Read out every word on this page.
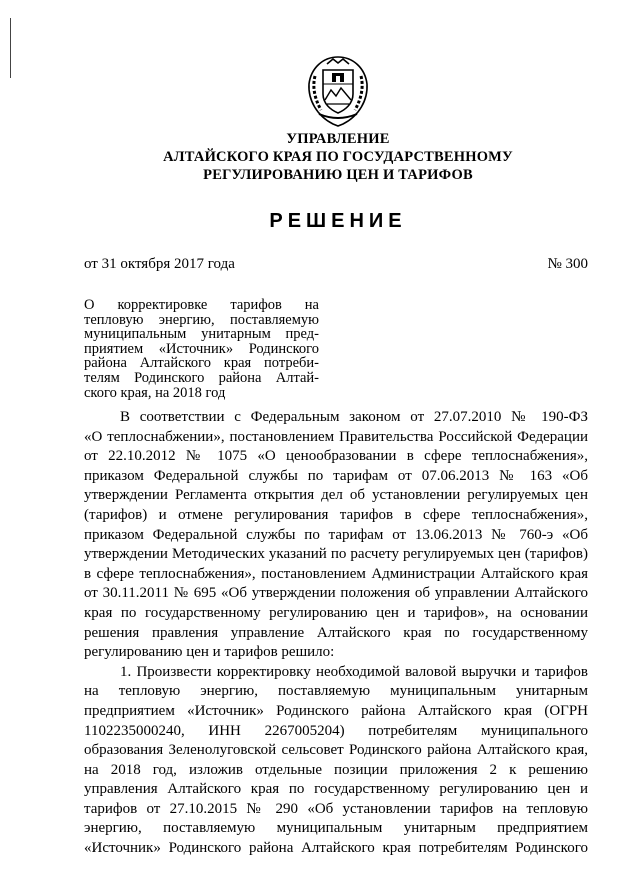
УПРАВЛЕНИЕ
АЛТАЙСКОГО КРАЯ ПО ГОСУДАРСТВЕННОМУ
РЕГУЛИРОВАНИЮ ЦЕН И ТАРИФОВ
РЕШЕНИЕ
от 31 октября 2017 года	№ 300
О корректировке тарифов на
тепловую энергию, поставляемую
муниципальным унитарным пред-
приятием «Источник» Родинского
района Алтайского края потреби-
телям Родинского района Алтай-
ского края, на 2018 год
В соответствии с Федеральным законом от 27.07.2010 № 190-ФЗ
«О теплоснабжении», постановлением Правительства Российской Федерации
от 22.10.2012 № 1075 «О ценообразовании в сфере теплоснабжения»,
приказом Федеральной службы по тарифам от 07.06.2013 № 163 «Об
утверждении Регламента открытия дел об установлении регулируемых цен
(тарифов) и отмене регулирования тарифов в сфере теплоснабжения»,
приказом Федеральной службы по тарифам от 13.06.2013 № 760-э «Об
утверждении Методических указаний по расчету регулируемых цен (тарифов)
в сфере теплоснабжения», постановлением Администрации Алтайского края
от 30.11.2011 № 695 «Об утверждении положения об управлении Алтайского
края по государственному регулированию цен и тарифов», на основании
решения правления управление Алтайского края по государственному
регулированию цен и тарифов решило:
1. Произвести корректировку необходимой валовой выручки и тарифов
на тепловую энергию, поставляемую муниципальным унитарным
предприятием «Источник» Родинского района Алтайского края (ОГРН
1102235000240, ИНН 2267005204) потребителям муниципального
образования Зеленолуговской сельсовет Родинского района Алтайского края,
на 2018 год, изложив отдельные позиции приложения 2 к решению
управления Алтайского края по государственному регулированию цен и
тарифов от 27.10.2015 № 290 «Об установлении тарифов на тепловую
энергию, поставляемую муниципальным унитарным предприятием
«Источник» Родинского района Алтайского края потребителям Родинского
